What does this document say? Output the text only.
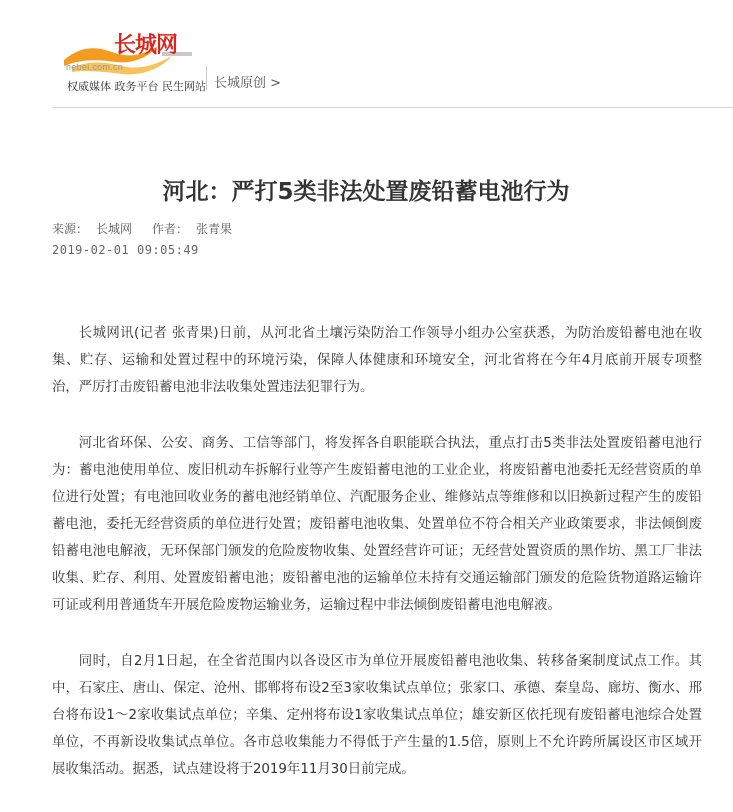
长城网
hebei.com.cn
权威媒体 政务平台 民生网站 长城原创 >
河北：严打5类非法处置废铅蓄电池行为
来源： 长城网 作者： 张青果
2019-02-01 09:05:49

长城网讯(记者 张青果)日前，从河北省土壤污染防治工作领导小组办公室获悉，为防治废铅蓄电池在收集、贮存、运输和处置过程中的环境污染，保障人体健康和环境安全，河北省将在今年4月底前开展专项整治，严厉打击废铅蓄电池非法收集处置违法犯罪行为。

河北省环保、公安、商务、工信等部门，将发挥各自职能联合执法，重点打击5类非法处置废铅蓄电池行为：蓄电池使用单位、废旧机动车拆解行业等产生废铅蓄电池的工业企业，将废铅蓄电池委托无经营资质的单位进行处置；有电池回收业务的蓄电池经销单位、汽配服务企业、维修站点等维修和以旧换新过程产生的废铅蓄电池，委托无经营资质的单位进行处置；废铅蓄电池收集、处置单位不符合相关产业政策要求，非法倾倒废铅蓄电池电解液，无环保部门颁发的危险废物收集、处置经营许可证；无经营处置资质的黑作坊、黑工厂非法收集、贮存、利用、处置废铅蓄电池；废铅蓄电池的运输单位未持有交通运输部门颁发的危险货物道路运输许可证或利用普通货车开展危险废物运输业务，运输过程中非法倾倒废铅蓄电池电解液。

同时，自2月1日起，在全省范围内以各设区市为单位开展废铅蓄电池收集、转移备案制度试点工作。其中，石家庄、唐山、保定、沧州、邯郸将布设2至3家收集试点单位；张家口、承德、秦皇岛、廊坊、衡水、邢台将布设1～2家收集试点单位；辛集、定州将布设1家收集试点单位；雄安新区依托现有废铅蓄电池综合处置单位，不再新设收集试点单位。各市总收集能力不得低于产生量的1.5倍，原则上不允许跨所属设区市区域开展收集活动。据悉，试点建设将于2019年11月30日前完成。
